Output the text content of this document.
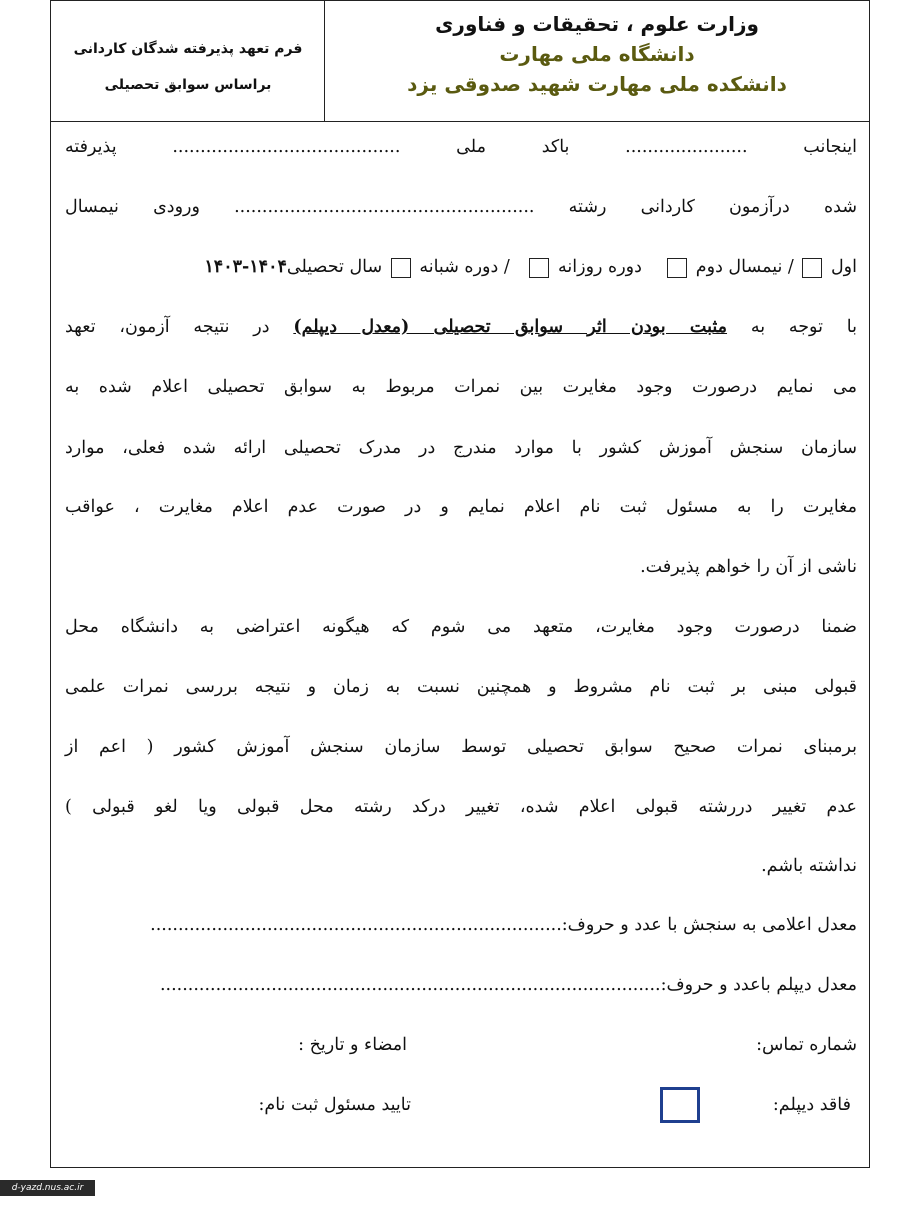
وزارت علوم ، تحقیقات و فناوری
دانشگاه ملی مهارت
دانشکده ملی مهارت شهید صدوقی یزد
فرم تعهد پذیرفته شدگان کاردانی
براساس سوابق تحصیلی
اینجانب ...................... باکد ملی ......................................... پذیرفته
شده درآزمون کاردانی رشته ...................................................... ورودی نیمسال
اول  / نیمسال دوم     دوره روزانه    / دوره شبانه  سال تحصیلی۱۴۰۴-۱۴۰۳
با توجه به مثبت بودن اثر سوابق تحصیلی (معدل دیپلم) در نتیجه آزمون، تعهد
می نمایم درصورت وجود مغایرت بین نمرات مربوط به سوابق تحصیلی اعلام شده به
سازمان سنجش آموزش کشور با موارد مندرج در مدرک تحصیلی ارائه شده فعلی، موارد
مغایرت را به مسئول ثبت نام اعلام نمایم و در صورت عدم اعلام مغایرت ، عواقب
ناشی از آن را خواهم پذیرفت.
ضمنا درصورت وجود مغایرت، متعهد می شوم که هیگونه اعتراضی به دانشگاه محل
قبولی مبنی بر ثبت نام مشروط و همچنین نسبت به زمان و نتیجه بررسی نمرات علمی
برمبنای نمرات صحیح سوابق تحصیلی توسط سازمان سنجش آموزش کشور ( اعم از
عدم تغییر دررشته قبولی اعلام شده، تغییر درکد رشته محل قبولی ویا لغو قبولی )
نداشته باشم.
معدل اعلامی به سنجش با عدد و حروف:..........................................................................
معدل دیپلم باعدد و حروف:..........................................................................................
شماره تماس:
امضاء و تاریخ :
فاقد دیپلم:
تایید مسئول ثبت نام:
d-yazd.nus.ac.ir
